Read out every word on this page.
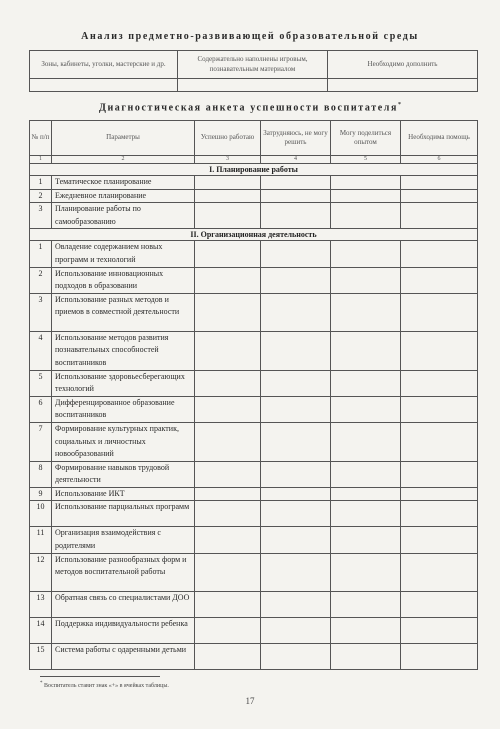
Анализ предметно-развивающей образовательной среды
Зоны, кабинеты, уголки, мастерские и др.	Содержательно наполнены игровым, познавательным материалом	Необходимо дополнить

Диагностическая анкета успешности воспитателя*
№ п/п	Параметры	Успешно работаю	Затрудняюсь, не могу решить	Могу поделиться опытом	Необходима помощь
1	2	3	4	5	6
I. Планирование работы					
1	Тематическое планирование				
2	Ежедневное планирование				
3	Планирование работы по самообразованию				
II. Организационная деятельность					
1	Овладение содержанием новых программ и технологий				
2	Использование инновационных подходов в образовании				
3	Использование разных методов и приемов в совместной деятельности				
4	Использование методов развития познавательных способностей воспитанников				
5	Использование здоровьесберегающих технологий				
6	Дифференцированное образование воспитанников				
7	Формирование культурных практик, социальных и личностных новообразований				
8	Формирование навыков трудовой деятельности				
9	Использование ИКТ				
10	Использование парциальных программ				
11	Организация взаимодействия с родителями				
12	Использование разнообразных форм и методов воспитательной работы				
13	Обратная связь со специалистами ДОО				
14	Поддержка индивидуальности ребенка				
15	Система работы с одаренными детьми				
* Воспитатель ставит знак «+» в ячейках таблицы.
17
